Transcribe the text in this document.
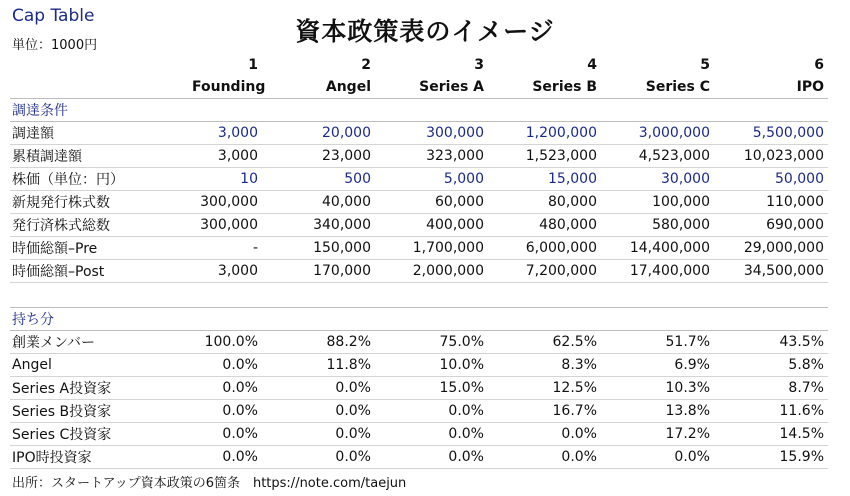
Cap Table
単位：1000円	資本政策表のイメージ
	1	2	3	4	5	6
	Founding	Angel	Series A	Series B	Series C	IPO
調達条件						
調達額	3,000	20,000	300,000	1,200,000	3,000,000	5,500,000
累積調達額	3,000	23,000	323,000	1,523,000	4,523,000	10,023,000
株価（単位：円）	10	500	5,000	15,000	30,000	50,000
新規発行株式数	300,000	40,000	60,000	80,000	100,000	110,000
発行済株式総数	300,000	340,000	400,000	480,000	580,000	690,000
時価総額–Pre	-	150,000	1,700,000	6,000,000	14,400,000	29,000,000
時価総額–Post	3,000	170,000	2,000,000	7,200,000	17,400,000	34,500,000

持ち分						
創業メンバー	100.0%	88.2%	75.0%	62.5%	51.7%	43.5%
Angel	0.0%	11.8%	10.0%	8.3%	6.9%	5.8%
Series A投資家	0.0%	0.0%	15.0%	12.5%	10.3%	8.7%
Series B投資家	0.0%	0.0%	0.0%	16.7%	13.8%	11.6%
Series C投資家	0.0%	0.0%	0.0%	0.0%	17.2%	14.5%
IPO時投資家	0.0%	0.0%	0.0%	0.0%	0.0%	15.9%
出所：スタートアップ資本政策の6箇条　https://note.com/taejun
